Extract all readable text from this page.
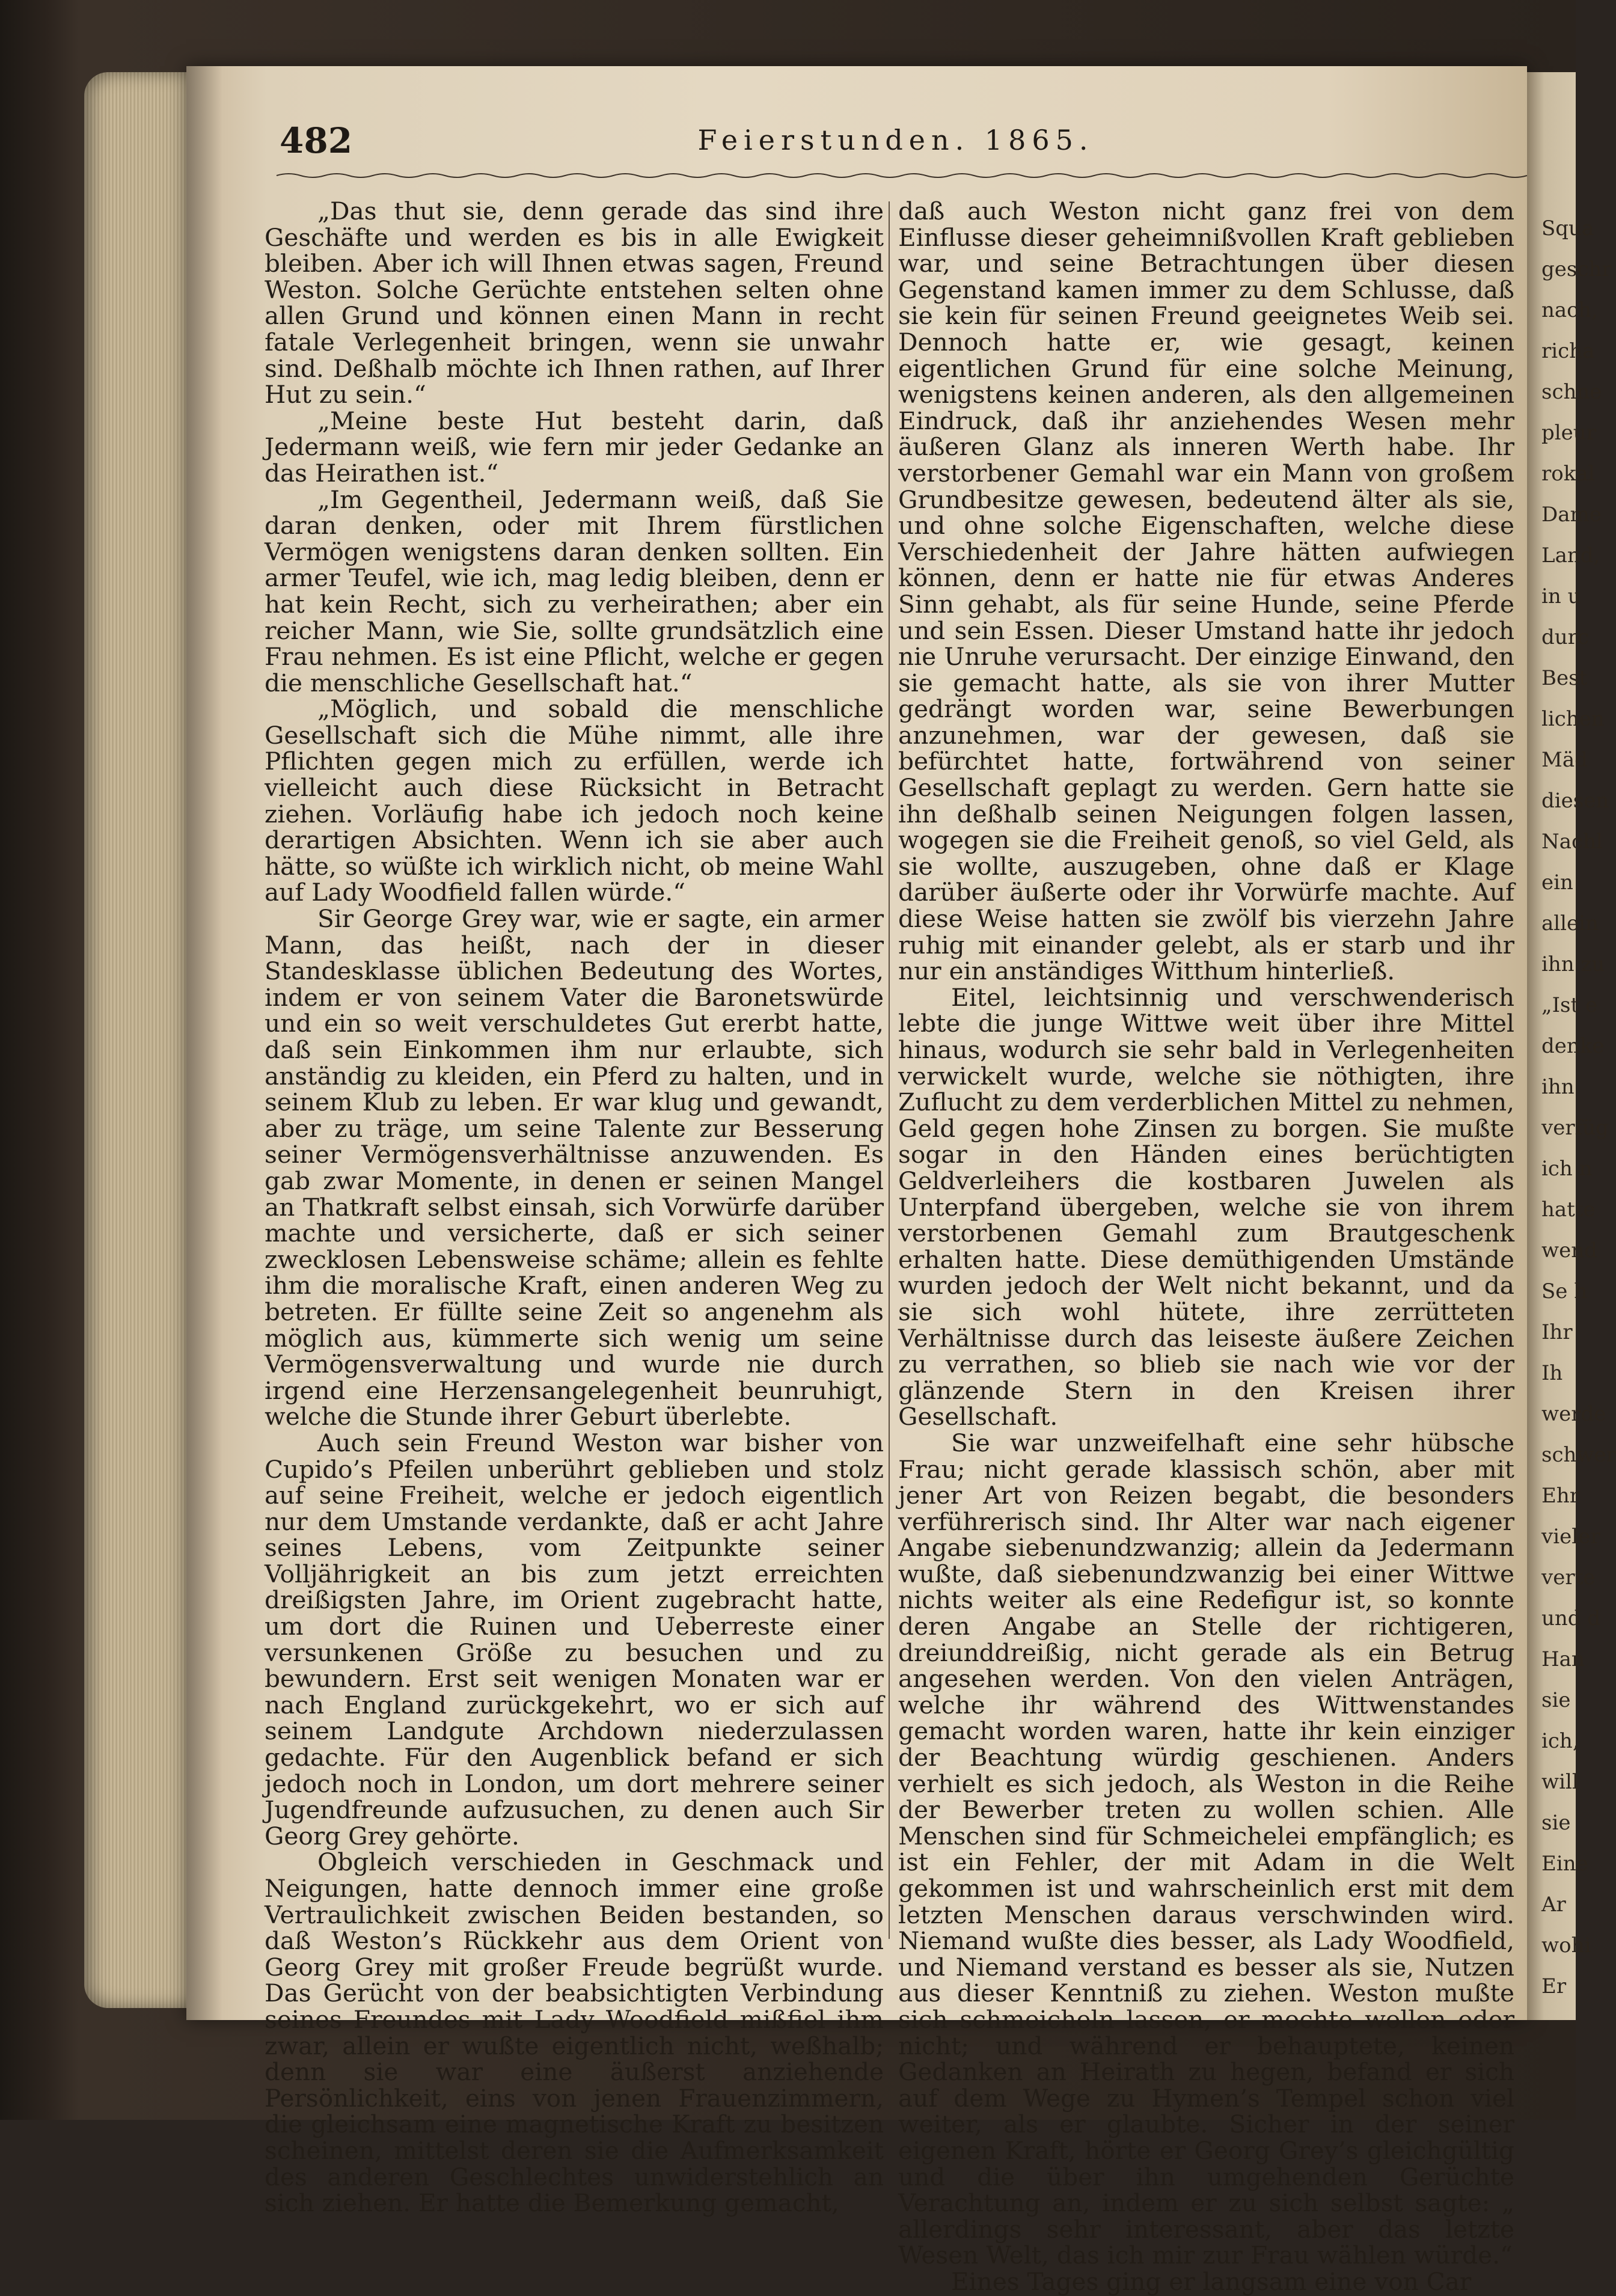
482	Feierstunden. 1865.

„Das thut sie, denn gerade das sind ihre Geschäfte und werden es bis in alle Ewigkeit bleiben. Aber ich will Ihnen etwas sagen, Freund Weston. Solche Gerüchte entstehen selten ohne allen Grund und können einen Mann in recht fatale Verlegenheit bringen, wenn sie unwahr sind. Deßhalb möchte ich Ihnen rathen, auf Ihrer Hut zu sein.“

„Meine beste Hut besteht darin, daß Jedermann weiß, wie fern mir jeder Gedanke an das Heirathen ist.“

„Im Gegentheil, Jedermann weiß, daß Sie daran denken, oder mit Ihrem fürstlichen Vermögen wenigstens daran denken sollten. Ein armer Teufel, wie ich, mag ledig bleiben, denn er hat kein Recht, sich zu verheirathen; aber ein reicher Mann, wie Sie, sollte grundsätzlich eine Frau nehmen. Es ist eine Pflicht, welche er gegen die menschliche Gesellschaft hat.“

„Möglich, und sobald die menschliche Gesellschaft sich die Mühe nimmt, alle ihre Pflichten gegen mich zu erfüllen, werde ich vielleicht auch diese Rücksicht in Betracht ziehen. Vorläufig habe ich jedoch noch keine derartigen Absichten. Wenn ich sie aber auch hätte, so wüßte ich wirklich nicht, ob meine Wahl auf Lady Woodfield fallen würde.“

Sir George Grey war, wie er sagte, ein armer Mann, das heißt, nach der in dieser Standesklasse üblichen Bedeutung des Wortes, indem er von seinem Vater die Baronetswürde und ein so weit verschuldetes Gut ererbt hatte, daß sein Einkommen ihm nur erlaubte, sich anständig zu kleiden, ein Pferd zu halten, und in seinem Klub zu leben. Er war klug und gewandt, aber zu träge, um seine Talente zur Besserung seiner Vermögensverhältnisse anzuwenden. Es gab zwar Momente, in denen er seinen Mangel an Thatkraft selbst einsah, sich Vorwürfe darüber machte und versicherte, daß er sich seiner zwecklosen Lebensweise schäme; allein es fehlte ihm die moralische Kraft, einen anderen Weg zu betreten. Er füllte seine Zeit so angenehm als möglich aus, kümmerte sich wenig um seine Vermögensverwaltung und wurde nie durch irgend eine Herzensangelegenheit beunruhigt, welche die Stunde ihrer Geburt überlebte.

Auch sein Freund Weston war bisher von Cupido’s Pfeilen unberührt geblieben und stolz auf seine Freiheit, welche er jedoch eigentlich nur dem Umstande verdankte, daß er acht Jahre seines Lebens, vom Zeitpunkte seiner Volljährigkeit an bis zum jetzt erreichten dreißigsten Jahre, im Orient zugebracht hatte, um dort die Ruinen und Ueberreste einer versunkenen Größe zu besuchen und zu bewundern. Erst seit wenigen Monaten war er nach England zurückgekehrt, wo er sich auf seinem Landgute Archdown niederzulassen gedachte. Für den Augenblick befand er sich jedoch noch in London, um dort mehrere seiner Jugendfreunde aufzusuchen, zu denen auch Sir Georg Grey gehörte.

Obgleich verschieden in Geschmack und Neigungen, hatte dennoch immer eine große Vertraulichkeit zwischen Beiden bestanden, so daß Weston’s Rückkehr aus dem Orient von Georg Grey mit großer Freude begrüßt wurde. Das Gerücht von der beabsichtigten Verbindung seines Freundes mit Lady Woodfield mißfiel ihm zwar, allein er wußte eigentlich nicht, weßhalb; denn sie war eine äußerst anziehende Persönlichkeit, eins von jenen Frauenzimmern, die gleichsam eine magnetische Kraft zu besitzen scheinen, mittelst deren sie die Aufmerksamkeit des anderen Geschlechtes unwiderstehlich an sich ziehen. Er hatte die Bemerkung gemacht,

daß auch Weston nicht ganz frei von dem Einflusse dieser geheimnißvollen Kraft geblieben war, und seine Betrachtungen über diesen Gegenstand kamen immer zu dem Schlusse, daß sie kein für seinen Freund geeignetes Weib sei. Dennoch hatte er, wie gesagt, keinen eigentlichen Grund für eine solche Meinung, wenigstens keinen anderen, als den allgemeinen Eindruck, daß ihr anziehendes Wesen mehr äußeren Glanz als inneren Werth habe. Ihr verstorbener Gemahl war ein Mann von großem Grundbesitze gewesen, bedeutend älter als sie, und ohne solche Eigenschaften, welche diese Verschiedenheit der Jahre hätten aufwiegen können, denn er hatte nie für etwas Anderes Sinn gehabt, als für seine Hunde, seine Pferde und sein Essen. Dieser Umstand hatte ihr jedoch nie Unruhe verursacht. Der einzige Einwand, den sie gemacht hatte, als sie von ihrer Mutter gedrängt worden war, seine Bewerbungen anzunehmen, war der gewesen, daß sie befürchtet hatte, fortwährend von seiner Gesellschaft geplagt zu werden. Gern hatte sie ihn deßhalb seinen Neigungen folgen lassen, wogegen sie die Freiheit genoß, so viel Geld, als sie wollte, auszugeben, ohne daß er Klage darüber äußerte oder ihr Vorwürfe machte. Auf diese Weise hatten sie zwölf bis vierzehn Jahre ruhig mit einander gelebt, als er starb und ihr nur ein anständiges Witthum hinterließ.

Eitel, leichtsinnig und verschwenderisch lebte die junge Wittwe weit über ihre Mittel hinaus, wodurch sie sehr bald in Verlegenheiten verwickelt wurde, welche sie nöthigten, ihre Zuflucht zu dem verderblichen Mittel zu nehmen, Geld gegen hohe Zinsen zu borgen. Sie mußte sogar in den Händen eines berüchtigten Geldverleihers die kostbaren Juwelen als Unterpfand übergeben, welche sie von ihrem verstorbenen Gemahl zum Brautgeschenk erhalten hatte. Diese demüthigenden Umstände wurden jedoch der Welt nicht bekannt, und da sie sich wohl hütete, ihre zerrütteten Verhältnisse durch das leiseste äußere Zeichen zu verrathen, so blieb sie nach wie vor der glänzende Stern in den Kreisen ihrer Gesellschaft.

Sie war unzweifelhaft eine sehr hübsche Frau; nicht gerade klassisch schön, aber mit jener Art von Reizen begabt, die besonders verführerisch sind. Ihr Alter war nach eigener Angabe siebenundzwanzig; allein da Jedermann wußte, daß siebenundzwanzig bei einer Wittwe nichts weiter als eine Redefigur ist, so konnte deren Angabe an Stelle der richtigeren, dreiunddreißig, nicht gerade als ein Betrug angesehen werden. Von den vielen Anträgen, welche ihr während des Wittwenstandes gemacht worden waren, hatte ihr kein einziger der Beachtung würdig geschienen. Anders verhielt es sich jedoch, als Weston in die Reihe der Bewerber treten zu wollen schien. Alle Menschen sind für Schmeichelei empfänglich; es ist ein Fehler, der mit Adam in die Welt gekommen ist und wahrscheinlich erst mit dem letzten Menschen daraus verschwinden wird. Niemand wußte dies besser, als Lady Woodfield, und Niemand verstand es besser als sie, Nutzen aus dieser Kenntniß zu ziehen. Weston mußte sich schmeicheln lassen, er mochte wollen oder nicht; und während er behauptete, keinen Gedanken an Heirath zu hegen, befand er sich auf dem Wege zu Hymen’s Tempel schon viel weiter, als er glaubte. Sicher in der seiner eigenen Kraft, hörte er Georg Grey’s gleichgültig und die über ihn umgehenden Gerüchte Verachtung an, indem er zu sich selbst sagte: „ allerdings sehr interessant, aber das letzte Wesen Welt, das ich mir zur Frau wählen würde.“

Eines Tages ging er langsam eine von Car

Squa
geschr
nach,
richa
schne
pleur
rokal
Dame
Land,
in u
durc
Best
lichen
Mäd
diesen
Nachl
ein
allein
ihn zu
„Ist e
denke
ihn
verfüg
ich n
hatte
wend
Se h
Ihr
Ih
werde
schwer
Ehr
vieler
verte
und d
Han
sie
ich,
will
sie
Eine
Ar
wohi
Er
